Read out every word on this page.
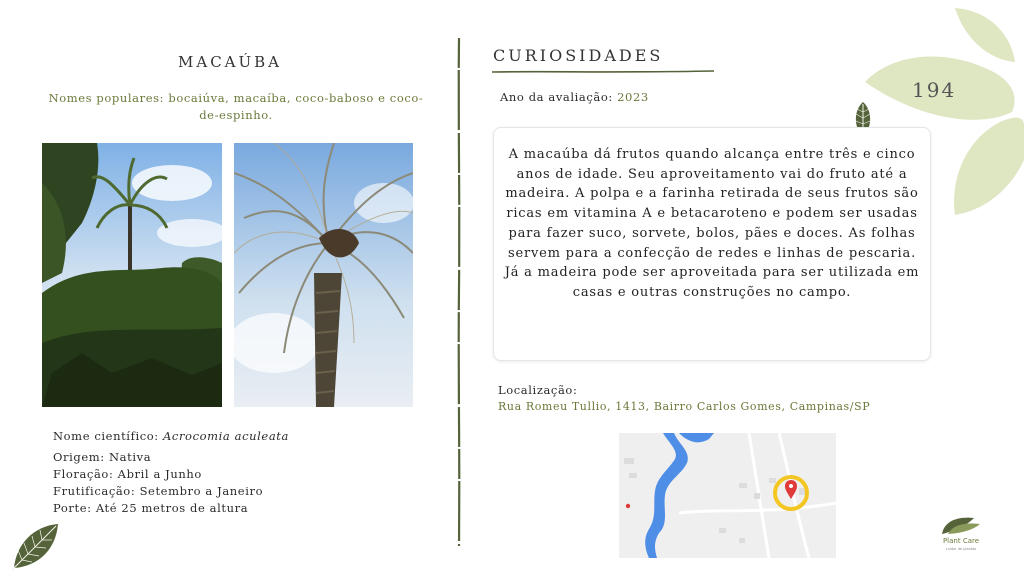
194
MACAÚBA
Nomes populares: bocaiúva, macaíba, coco-baboso e coco-de-espinho.
Nome científico: Acrocomia aculeata
Origem: Nativa
Floração: Abril a Junho
Frutificação: Setembro a Janeiro
Porte: Até 25 metros de altura
CURIOSIDADES
Ano da avaliação: 2023

A macaúba dá frutos quando alcança entre três e cinco anos de idade. Seu aproveitamento vai do fruto até a madeira. A polpa e a farinha retirada de seus frutos são ricas em vitamina A e betacaroteno e podem ser usadas para fazer suco, sorvete, bolos, pães e doces. As folhas servem para a confecção de redes e linhas de pescaria. Já a madeira pode ser aproveitada para ser utilizada em casas e outras construções no campo.

Localização:
Rua Romeu Tullio, 1413, Bairro Carlos Gomes, Campinas/SP
Plant Care
cuidar de plantas
